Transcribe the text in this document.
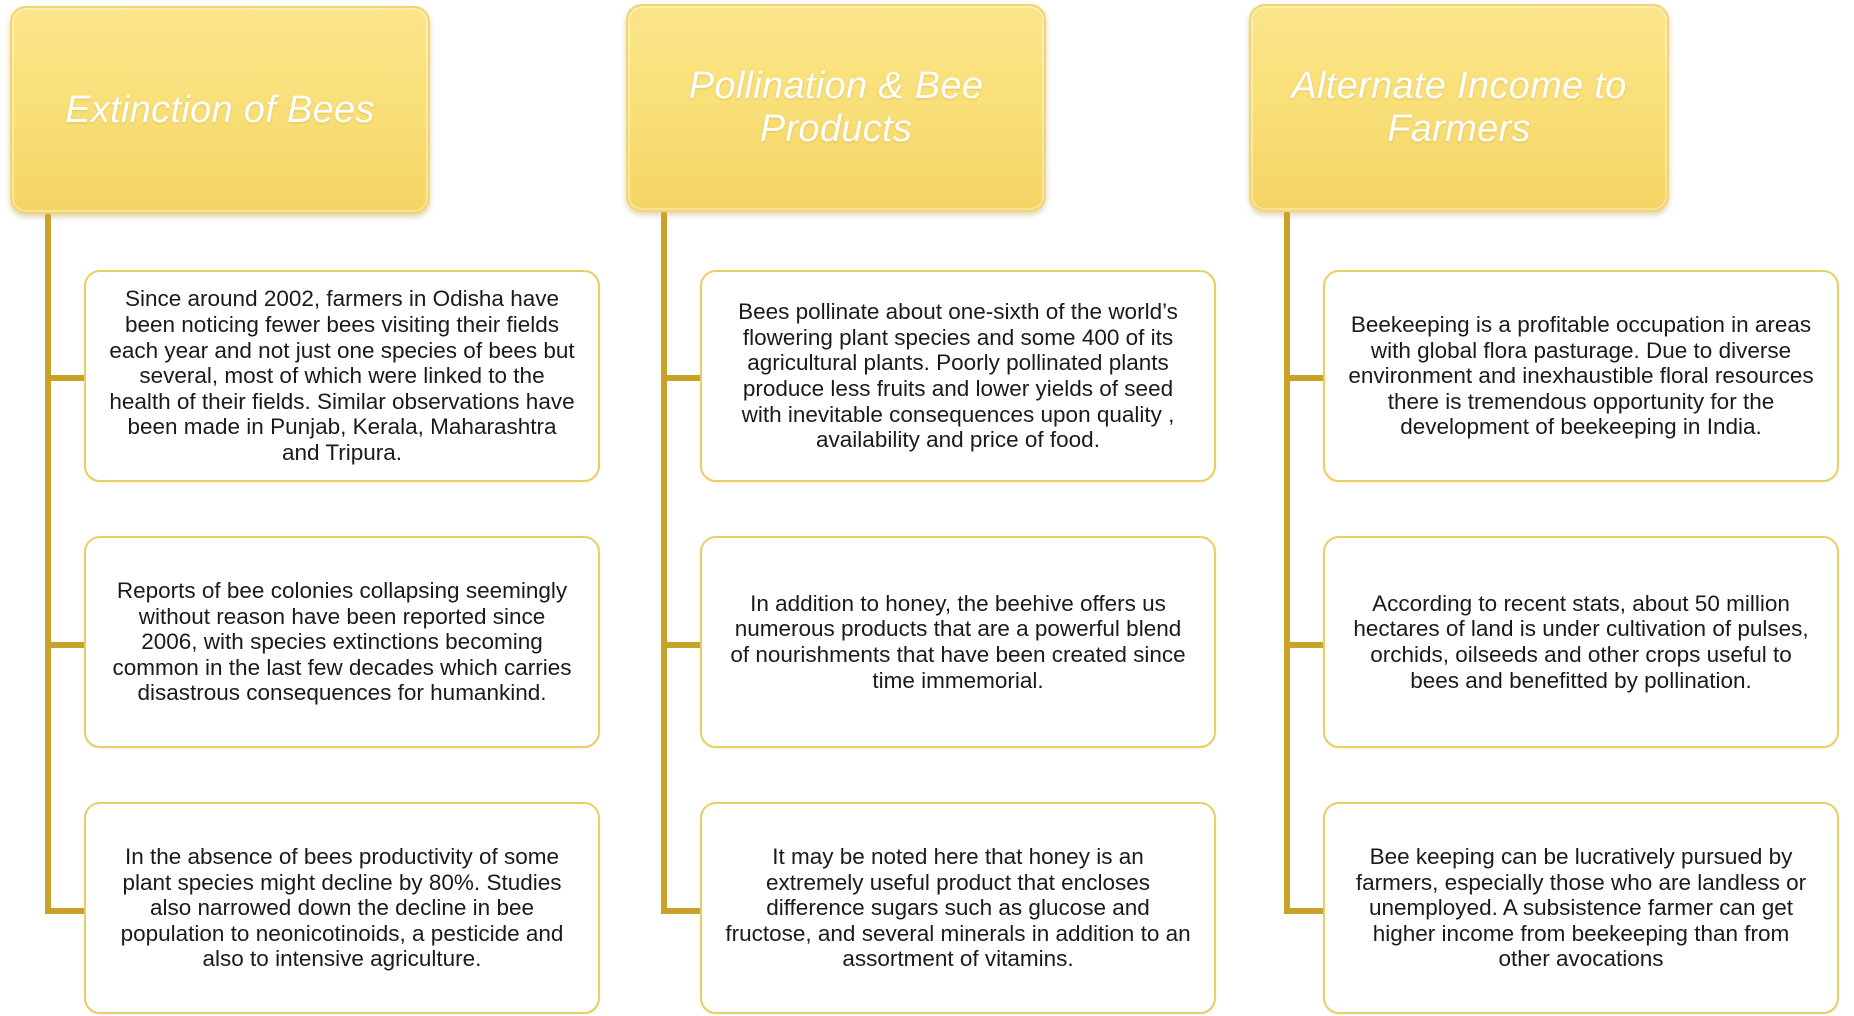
Extinction of Bees
Since around 2002, farmers in Odisha have
been noticing fewer bees visiting their fields
each year and not just one species of bees but
several, most of which were linked to the
health of their fields. Similar observations have
been made in Punjab, Kerala, Maharashtra
and Tripura.
Reports of bee colonies collapsing seemingly
without reason have been reported since
2006, with species extinctions becoming
common in the last few decades which carries
disastrous consequences for humankind.
In the absence of bees productivity of some
plant species might decline by 80%. Studies
also narrowed down the decline in bee
population to neonicotinoids, a pesticide and
also to intensive agriculture.
Pollination & Bee
Products
Bees pollinate about one-sixth of the world’s
flowering plant species and some 400 of its
agricultural plants. Poorly pollinated plants
produce less fruits and lower yields of seed
with inevitable consequences upon quality ,
availability and price of food.
In addition to honey, the beehive offers us
numerous products that are a powerful blend
of nourishments that have been created since
time immemorial.
It may be noted here that honey is an
extremely useful product that encloses
difference sugars such as glucose and
fructose, and several minerals in addition to an
assortment of vitamins.
Alternate Income to
Farmers
Beekeeping is a profitable occupation in areas
with global flora pasturage. Due to diverse
environment and inexhaustible floral resources
there is tremendous opportunity for the
development of beekeeping in India.
According to recent stats, about 50 million
hectares of land is under cultivation of pulses,
orchids, oilseeds and other crops useful to
bees and benefitted by pollination.
Bee keeping can be lucratively pursued by
farmers, especially those who are landless or
unemployed. A subsistence farmer can get
higher income from beekeeping than from
other avocations
